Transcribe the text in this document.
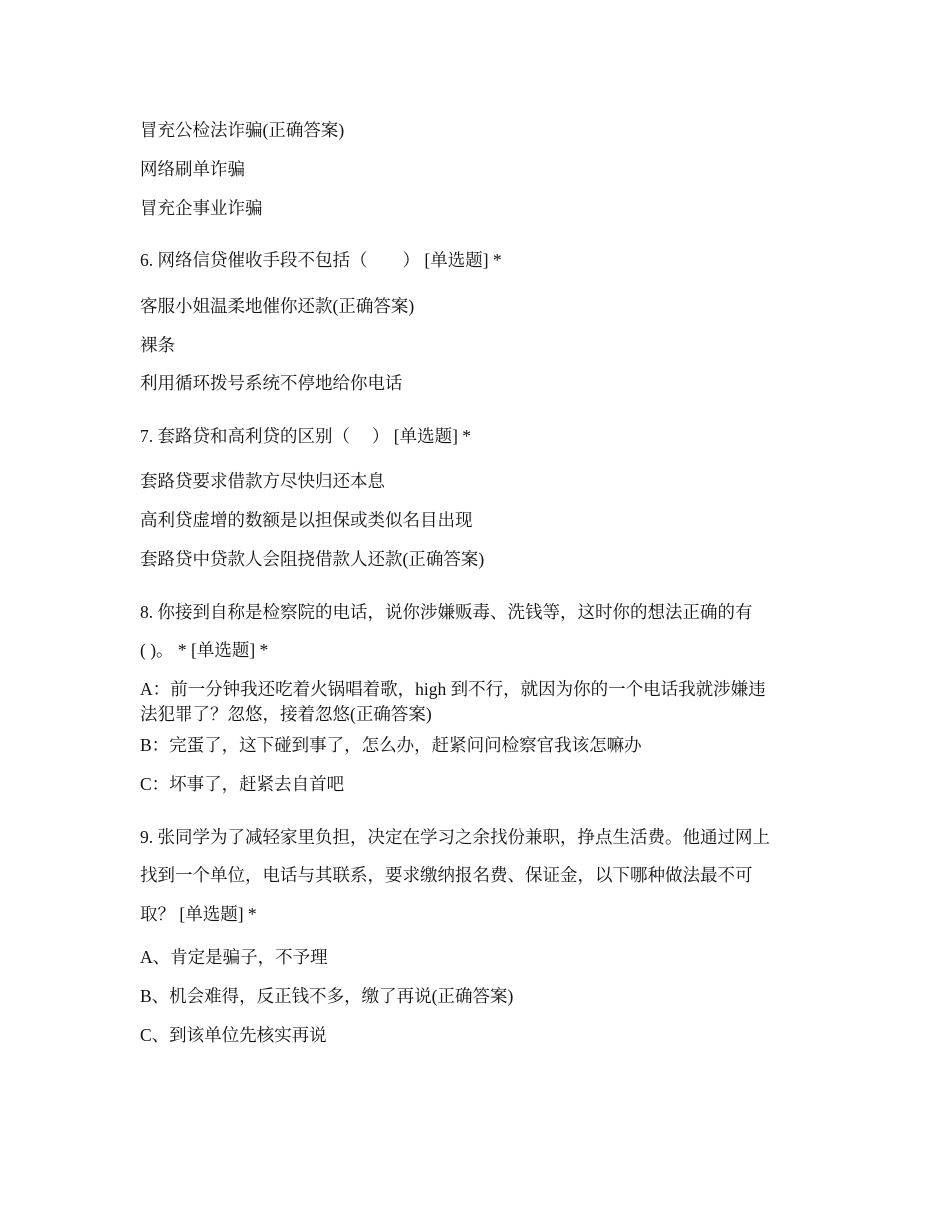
冒充公检法诈骗(正确答案)
网络刷单诈骗
冒充企事业诈骗
6. 网络信贷催收手段不包括（　　） [单选题] *
客服小姐温柔地催你还款(正确答案)
裸条
利用循环拨号系统不停地给你电话
7. 套路贷和高利贷的区别（　 ） [单选题] *
套路贷要求借款方尽快归还本息
高利贷虚增的数额是以担保或类似名目出现
套路贷中贷款人会阻挠借款人还款(正确答案)
8. 你接到自称是检察院的电话，说你涉嫌贩毒、洗钱等，这时你的想法正确的有
( )。 * [单选题] *
A：前一分钟我还吃着火锅唱着歌，high 到不行，就因为你的一个电话我就涉嫌违
法犯罪了？忽悠，接着忽悠(正确答案)
B：完蛋了，这下碰到事了，怎么办，赶紧问问检察官我该怎嘛办
C：坏事了，赶紧去自首吧
9. 张同学为了减轻家里负担，决定在学习之余找份兼职，挣点生活费。他通过网上
找到一个单位，电话与其联系，要求缴纳报名费、保证金，以下哪种做法最不可
取？ [单选题] *
A、肯定是骗子，不予理
B、机会难得，反正钱不多，缴了再说(正确答案)
C、到该单位先核实再说
